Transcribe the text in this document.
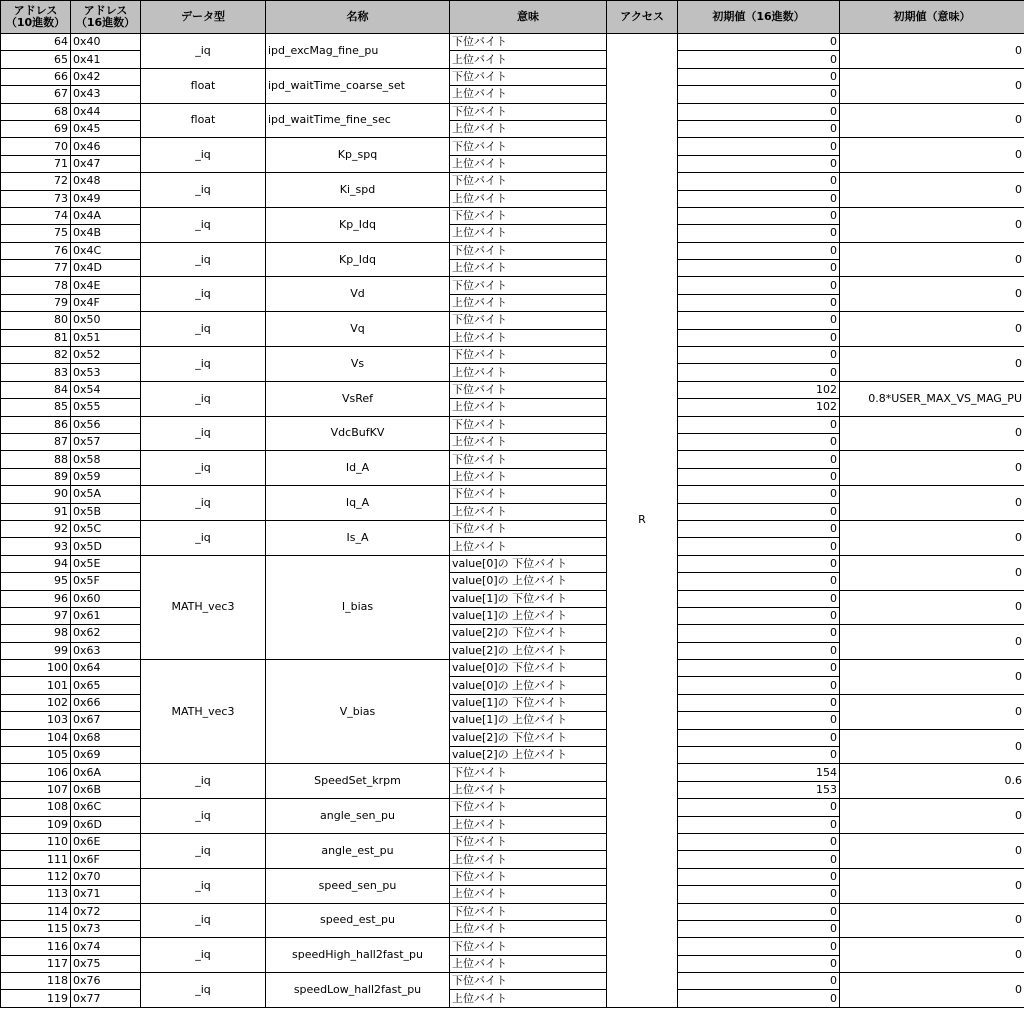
アドレス（10進数）	アドレス（16進数）	データ型	名称	意味	アクセス	初期値（16進数）	初期値（意味）
64	0x40	_iq	ipd_excMag_fine_pu	下位バイト	R	0	0
65	0x41			上位バイト		0	
66	0x42	float	ipd_waitTime_coarse_set	下位バイト		0	0
67	0x43			上位バイト		0	
68	0x44	float	ipd_waitTime_fine_sec	下位バイト		0	0
69	0x45			上位バイト		0	
70	0x46	_iq	Kp_spq	下位バイト		0	0
71	0x47			上位バイト		0	
72	0x48	_iq	Ki_spd	下位バイト		0	0
73	0x49			上位バイト		0	
74	0x4A	_iq	Kp_Idq	下位バイト		0	0
75	0x4B			上位バイト		0	
76	0x4C	_iq	Kp_Idq	下位バイト		0	0
77	0x4D			上位バイト		0	
78	0x4E	_iq	Vd	下位バイト		0	0
79	0x4F			上位バイト		0	
80	0x50	_iq	Vq	下位バイト		0	0
81	0x51			上位バイト		0	
82	0x52	_iq	Vs	下位バイト		0	0
83	0x53			上位バイト		0	
84	0x54	_iq	VsRef	下位バイト		102	0.8*USER_MAX_VS_MAG_PU
85	0x55			上位バイト		102	
86	0x56	_iq	VdcBufKV	下位バイト		0	0
87	0x57			上位バイト		0	
88	0x58	_iq	Id_A	下位バイト		0	0
89	0x59			上位バイト		0	
90	0x5A	_iq	Iq_A	下位バイト		0	0
91	0x5B			上位バイト		0	
92	0x5C	_iq	Is_A	下位バイト		0	0
93	0x5D			上位バイト		0	
94	0x5E	MATH_vec3	I_bias	value[0]の 下位バイト		0	0
95	0x5F			value[0]の 上位バイト		0	
96	0x60			value[1]の 下位バイト		0	0
97	0x61			value[1]の 上位バイト		0	
98	0x62			value[2]の 下位バイト		0	0
99	0x63			value[2]の 上位バイト		0	
100	0x64	MATH_vec3	V_bias	value[0]の 下位バイト		0	0
101	0x65			value[0]の 上位バイト		0	
102	0x66			value[1]の 下位バイト		0	0
103	0x67			value[1]の 上位バイト		0	
104	0x68			value[2]の 下位バイト		0	0
105	0x69			value[2]の 上位バイト		0	
106	0x6A	_iq	SpeedSet_krpm	下位バイト		154	0.6
107	0x6B			上位バイト		153	
108	0x6C	_iq	angle_sen_pu	下位バイト		0	0
109	0x6D			上位バイト		0	
110	0x6E	_iq	angle_est_pu	下位バイト		0	0
111	0x6F			上位バイト		0	
112	0x70	_iq	speed_sen_pu	下位バイト		0	0
113	0x71			上位バイト		0	
114	0x72	_iq	speed_est_pu	下位バイト		0	0
115	0x73			上位バイト		0	
116	0x74	_iq	speedHigh_hall2fast_pu	下位バイト		0	0
117	0x75			上位バイト		0	
118	0x76	_iq	speedLow_hall2fast_pu	下位バイト		0	0
119	0x77			上位バイト		0	
